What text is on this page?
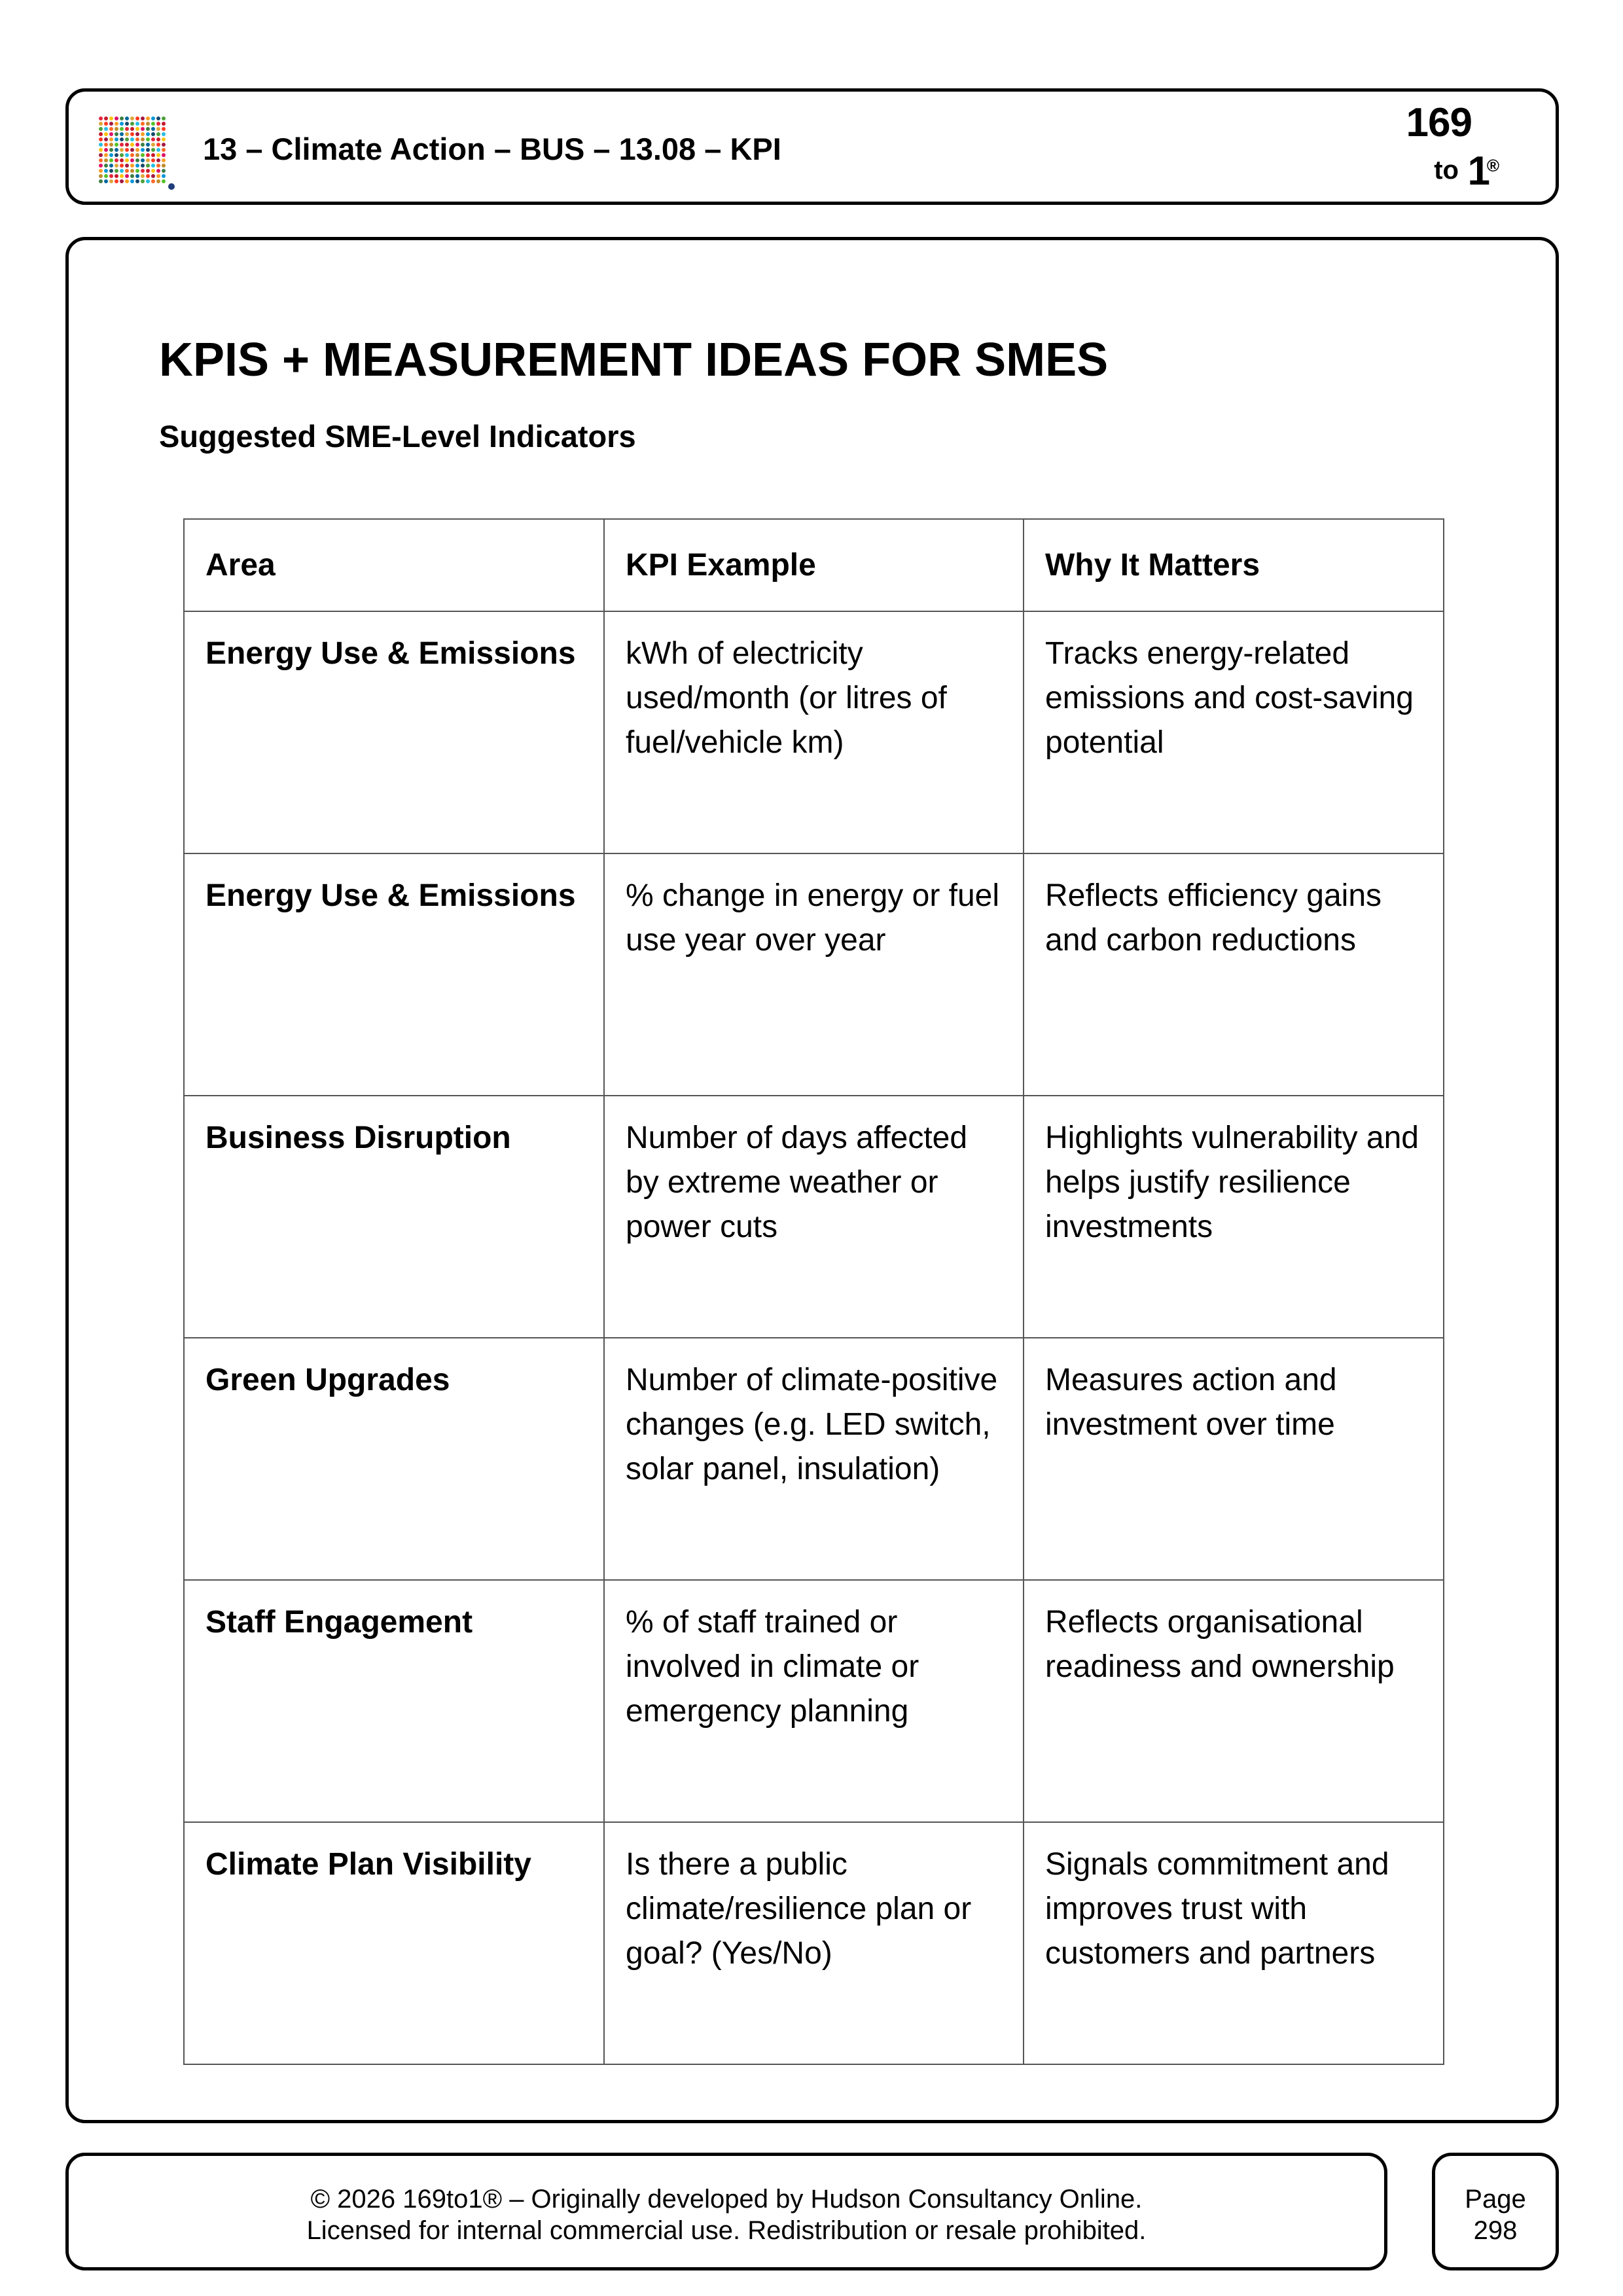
13 – Climate Action – BUS – 13.08 – KPI
169
to 1
®
KPIS + MEASUREMENT IDEAS FOR SMES
Suggested SME-Level Indicators
Area	KPI Example	Why It Matters
Energy Use & Emissions	kWh of electricity used/month (or litres of fuel/vehicle km)	Tracks energy-related emissions and cost-saving potential
Energy Use & Emissions	% change in energy or fuel use year over year	Reflects efficiency gains and carbon reductions
Business Disruption	Number of days affected by extreme weather or power cuts	Highlights vulnerability and helps justify resilience investments
Green Upgrades	Number of climate-positive changes (e.g. LED switch, solar panel, insulation)	Measures action and investment over time
Staff Engagement	% of staff trained or involved in climate or emergency planning	Reflects organisational readiness and ownership
Climate Plan Visibility	Is there a public climate/resilience plan or goal? (Yes/No)	Signals commitment and improves trust with customers and partners
© 2026 169to1® – Originally developed by Hudson Consultancy Online.
Licensed for internal commercial use. Redistribution or resale prohibited.
Page
298
